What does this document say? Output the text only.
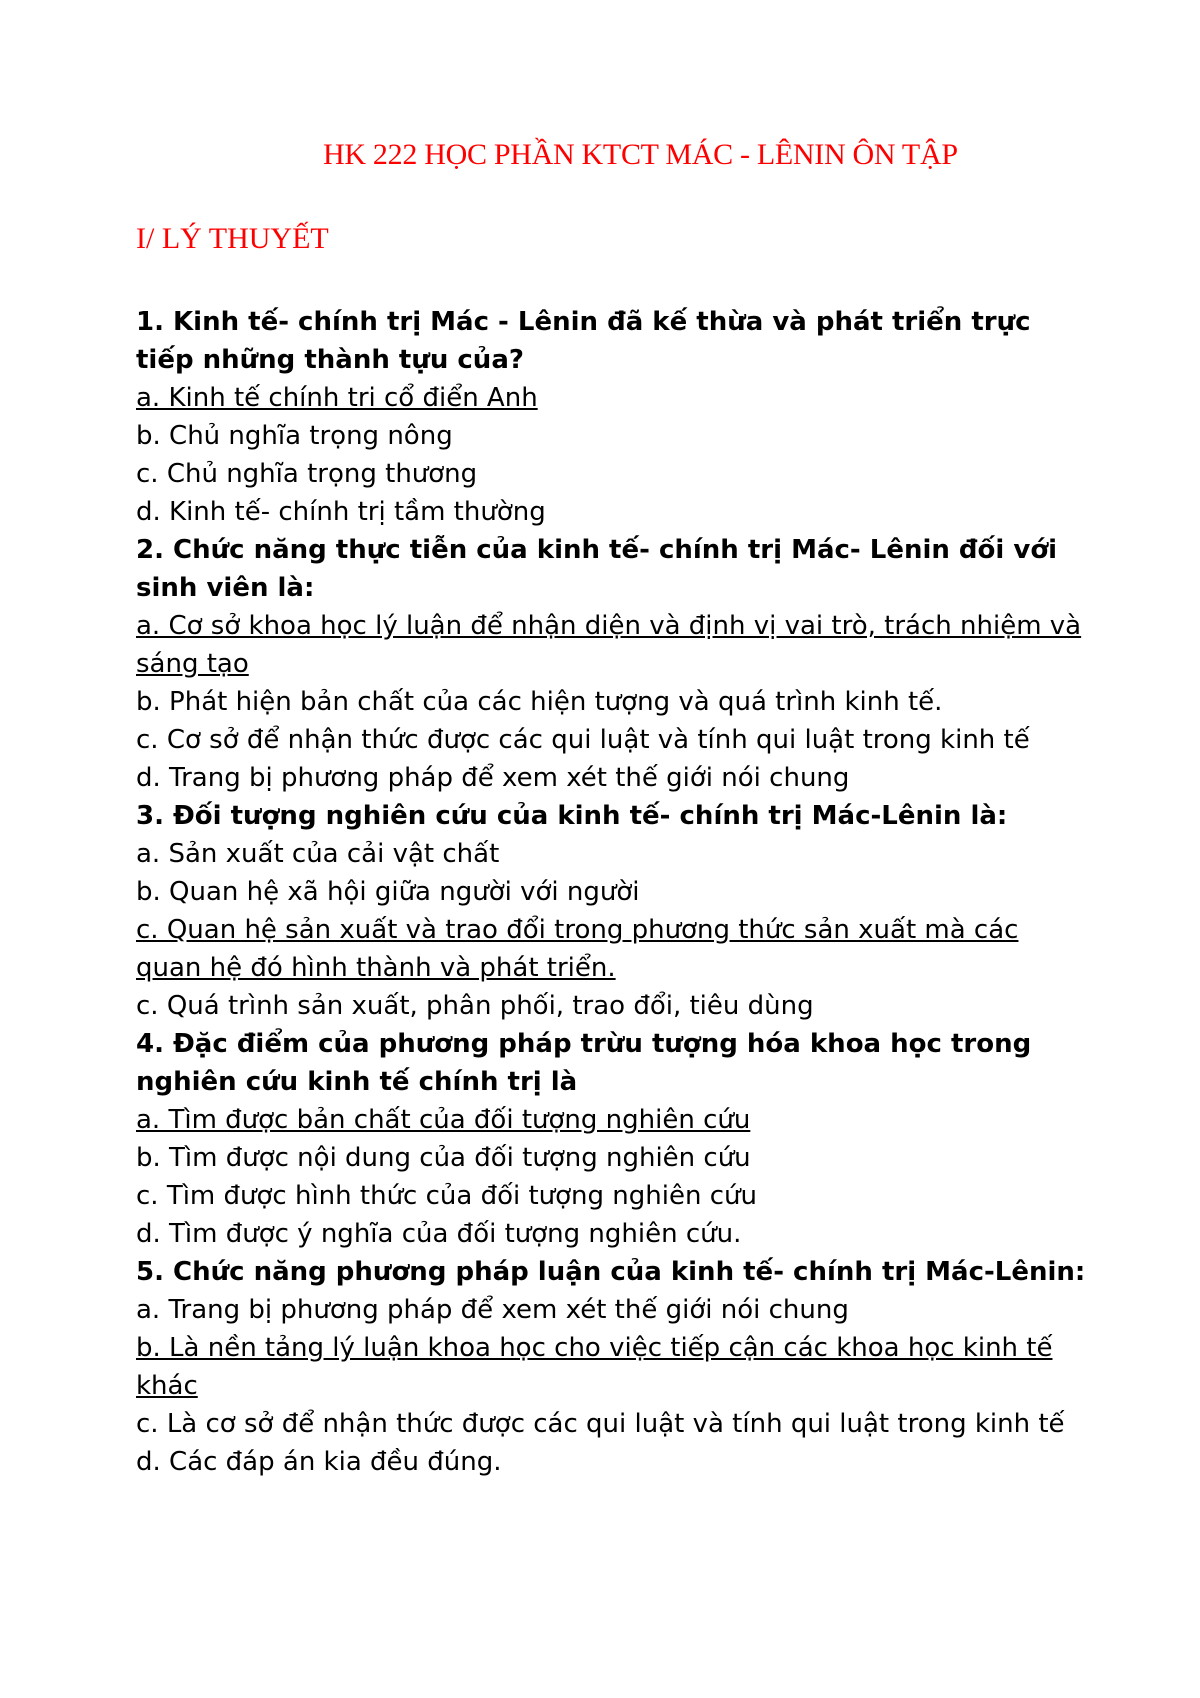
HK 222 HỌC PHẦN KTCT MÁC - LÊNIN ÔN TẬP
I/ LÝ THUYẾT

1. Kinh tế- chính trị Mác - Lênin đã kế thừa và phát triển trực tiếp những thành tựu của?

a. Kinh tế chính tri cổ điển Anh

b. Chủ nghĩa trọng nông

c. Chủ nghĩa trọng thương

d. Kinh tế- chính trị tầm thường

2. Chức năng thực tiễn của kinh tế- chính trị Mác- Lênin đối với sinh viên là:

a. Cơ sở khoa học lý luận để nhận diện và định vị vai trò, trách nhiệm và sáng tạo

b. Phát hiện bản chất của các hiện tượng và quá trình kinh tế.

c. Cơ sở để nhận thức được các qui luật và tính qui luật trong kinh tế

d. Trang bị phương pháp để xem xét thế giới nói chung

3. Đối tượng nghiên cứu của kinh tế- chính trị Mác-Lênin là:

a. Sản xuất của cải vật chất

b. Quan hệ xã hội giữa người với người

c. Quan hệ sản xuất và trao đổi trong phương thức sản xuất mà các quan hệ đó hình thành và phát triển.

c. Quá trình sản xuất, phân phối, trao đổi, tiêu dùng

4. Đặc điểm của phương pháp trừu tượng hóa khoa học trong nghiên cứu kinh tế chính trị là

a. Tìm được bản chất của đối tượng nghiên cứu

b. Tìm được nội dung của đối tượng nghiên cứu

c. Tìm được hình thức của đối tượng nghiên cứu

d. Tìm được ý nghĩa của đối tượng nghiên cứu.

5. Chức năng phương pháp luận của kinh tế- chính trị Mác-Lênin:

a. Trang bị phương pháp để xem xét thế giới nói chung

b. Là nền tảng lý luận khoa học cho việc tiếp cận các khoa học kinh tế khác

c. Là cơ sở để nhận thức được các qui luật và tính qui luật trong kinh tế

d. Các đáp án kia đều đúng.
